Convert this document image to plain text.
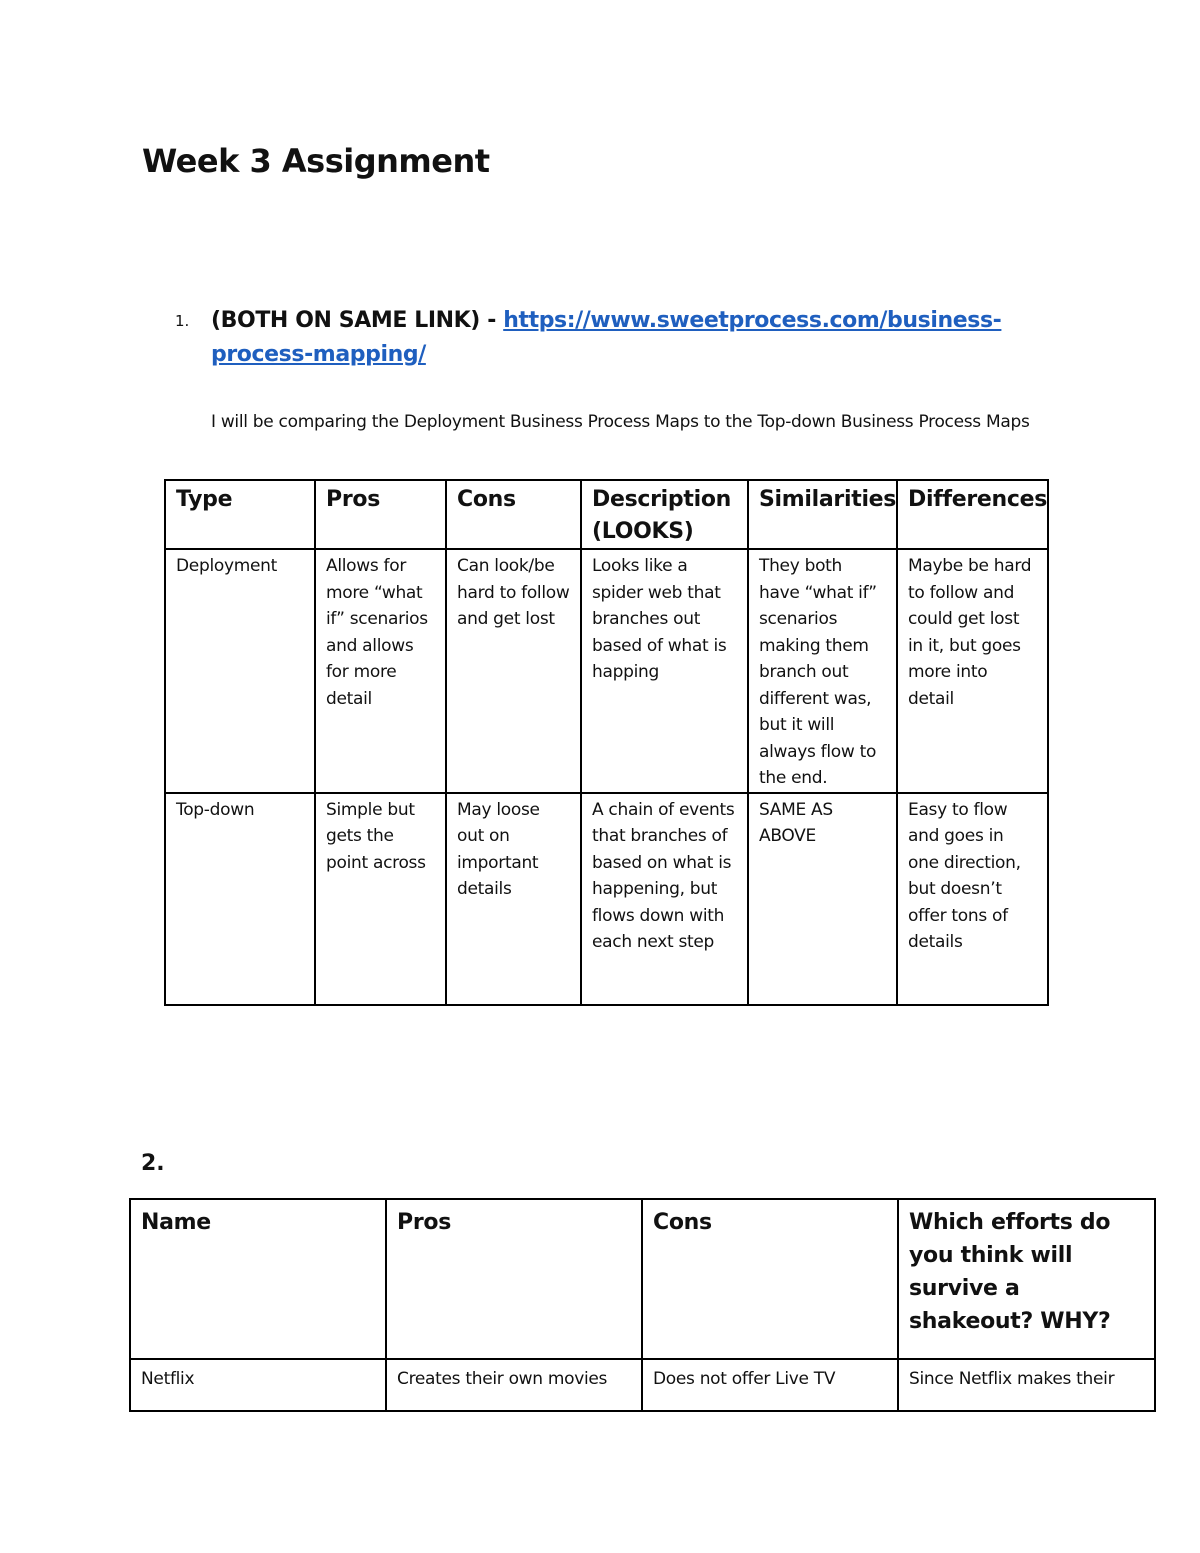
Week 3 Assignment
1. (BOTH ON SAME LINK) - https://www.sweetprocess.com/business-process-mapping/
I will be comparing the Deployment Business Process Maps to the Top-down Business Process Maps
Type	Pros	Cons	Description (LOOKS)	Similarities	Differences
Deployment	Allows for more “what if” scenarios and allows for more detail	Can look/be hard to follow and get lost	Looks like a spider web that branches out based of what is happing	They both have “what if” scenarios making them branch out different was, but it will always flow to the end.	Maybe be hard to follow and could get lost in it, but goes more into detail
Top-down	Simple but gets the point across	May loose out on important details	A chain of events that branches of based on what is happening, but flows down with each next step	SAME AS ABOVE	Easy to flow and goes in one direction, but doesn’t offer tons of details
2.
Name	Pros	Cons	Which efforts do you think will survive a shakeout? WHY?
Netflix	Creates their own movies	Does not offer Live TV	Since Netflix makes their
